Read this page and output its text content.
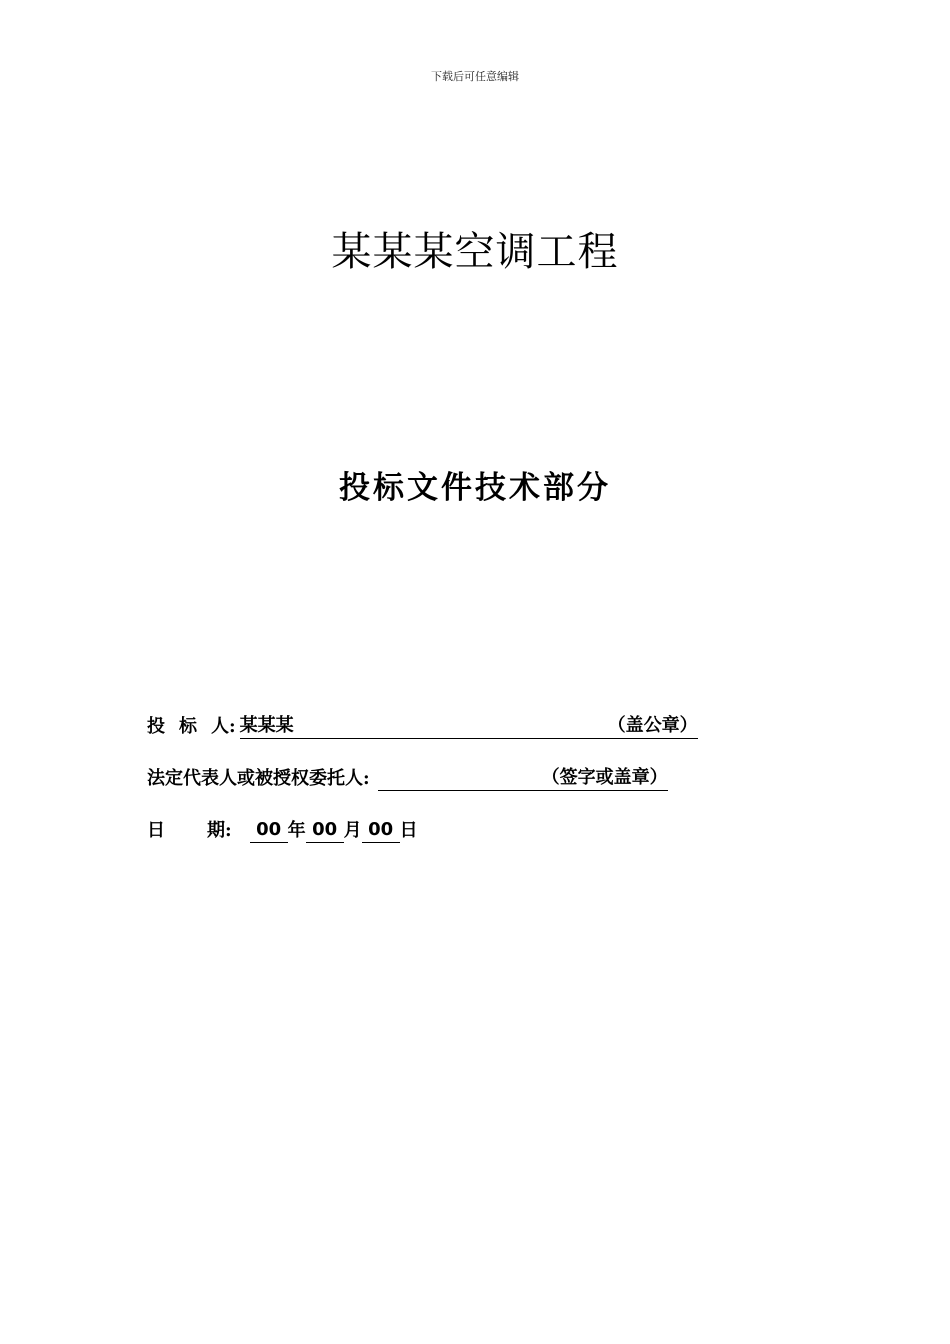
下载后可任意编辑
某某某空调工程
投标文件技术部分
投 标 人: 某某某	（盖公章）
法定代表人或被授权委托人:	（签字或盖章）
日 期:	00 年 00 月 00 日
